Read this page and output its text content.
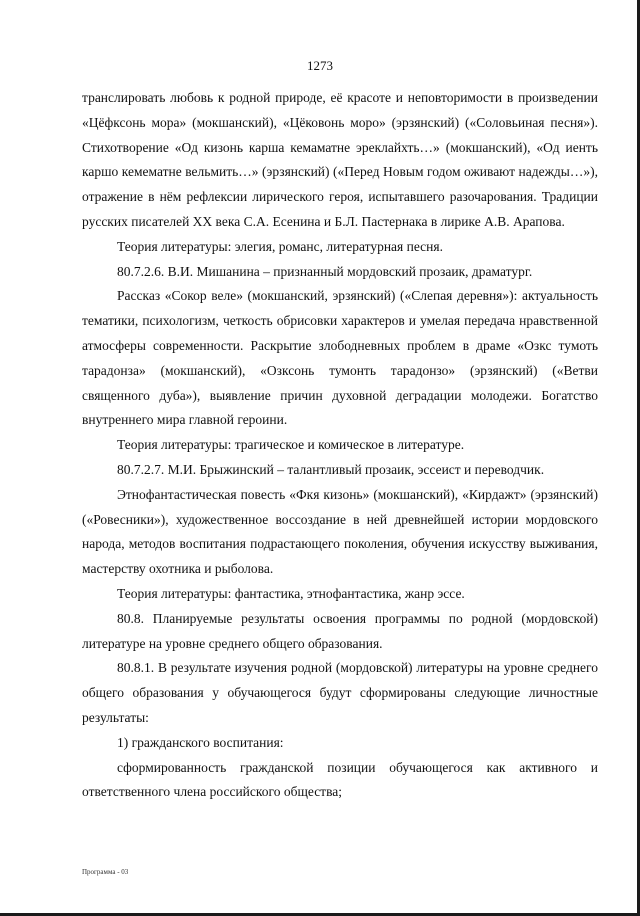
1273

транслировать любовь к родной природе, её красоте и неповторимости в произведении «Цёфксонь мора» (мокшанский), «Цёковонь моро» (эрзянский) («Соловьиная песня»). Стихотворение «Од кизонь карша кемаматне эреклайхть…» (мокшанский), «Од иенть каршо кемематне вельмить…» (эрзянский) («Перед Новым годом оживают надежды…»), отражение в нём рефлексии лирического героя, испытавшего разочарования. Традиции русских писателей XX века С.А. Есенина и Б.Л. Пастернака в лирике А.В. Арапова.

Теория литературы: элегия, романс, литературная песня.

80.7.2.6. В.И. Мишанина – признанный мордовский прозаик, драматург.

Рассказ «Сокор веле» (мокшанский, эрзянский) («Слепая деревня»): актуальность тематики, психологизм, четкость обрисовки характеров и умелая передача нравственной атмосферы современности. Раскрытие злободневных проблем в драме «Озкс тумоть тарадонза» (мокшанский), «Озксонь тумонть тарадонзо» (эрзянский) («Ветви священного дуба»), выявление причин духовной деградации молодежи. Богатство внутреннего мира главной героини.

Теория литературы: трагическое и комическое в литературе.

80.7.2.7. М.И. Брыжинский – талантливый прозаик, эссеист и переводчик.

Этнофантастическая повесть «Фкя кизонь» (мокшанский), «Кирдажт» (эрзянский) («Ровесники»), художественное воссоздание в ней древнейшей истории мордовского народа, методов воспитания подрастающего поколения, обучения искусству выживания, мастерству охотника и рыболова.

Теория литературы: фантастика, этнофантастика, жанр эссе.

80.8. Планируемые результаты освоения программы по родной (мордовской) литературе на уровне среднего общего образования.

80.8.1. В результате изучения родной (мордовской) литературы на уровне среднего общего образования у обучающегося будут сформированы следующие личностные результаты:

1) гражданского воспитания:

сформированность гражданской позиции обучающегося как активного и ответственного члена российского общества;

Программа - 03
